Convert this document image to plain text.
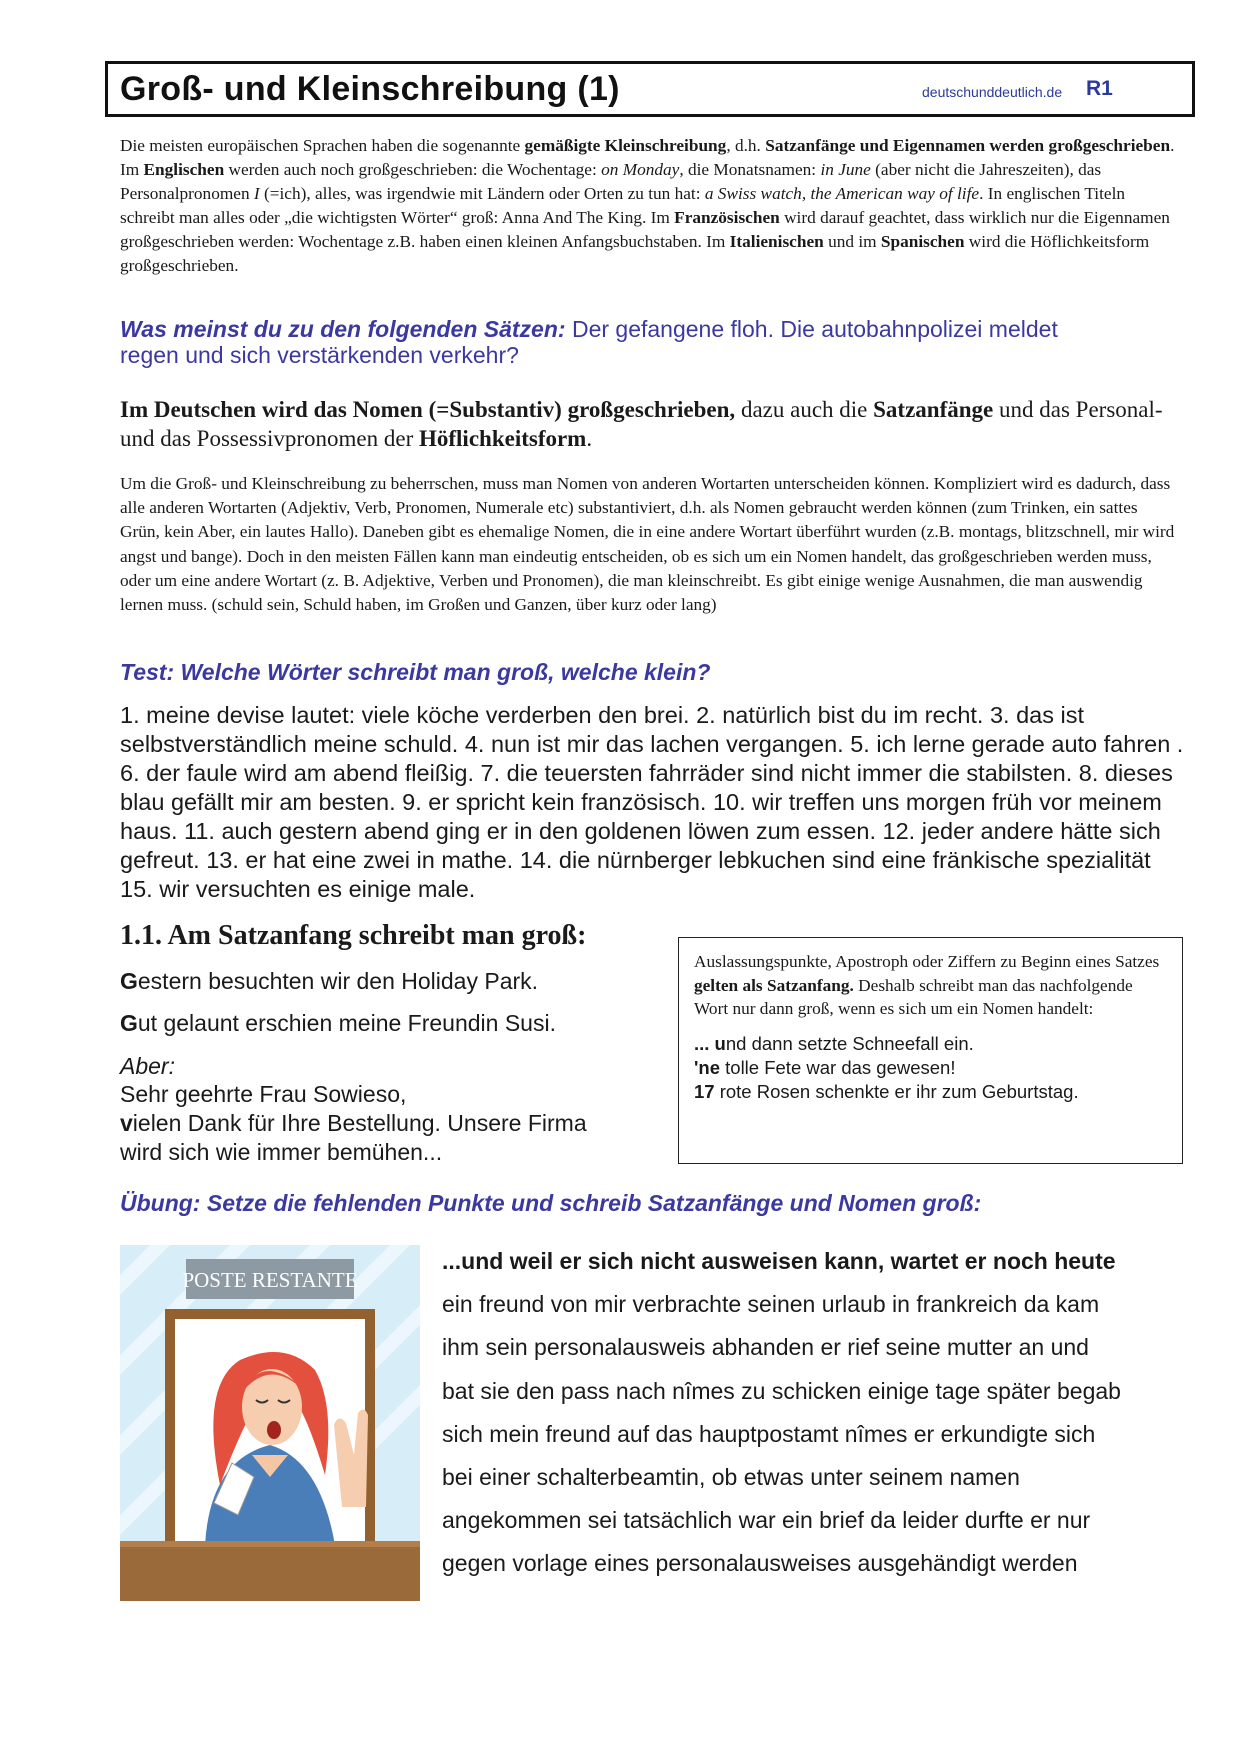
Groß- und Kleinschreibung (1)	deutschunddeutlich.de R1

Die meisten europäischen Sprachen haben die sogenannte gemäßigte Kleinschreibung, d.h. Satzanfänge und Eigennamen werden großgeschrieben. Im Englischen werden auch noch großgeschrieben: die Wochentage: on Monday, die Monatsnamen: in June (aber nicht die Jahreszeiten), das Personalpronomen I (=ich), alles, was irgendwie mit Ländern oder Orten zu tun hat: a Swiss watch, the American way of life. In englischen Titeln schreibt man alles oder „die wichtigsten Wörter“ groß: Anna And The King. Im Französischen wird darauf geachtet, dass wirklich nur die Eigennamen großgeschrieben werden: Wochentage z.B. haben einen kleinen Anfangsbuchstaben. Im Italienischen und im Spanischen wird die Höflichkeitsform großgeschrieben.

Was meinst du zu den folgenden Sätzen: Der gefangene floh. Die autobahnpolizei meldet
regen und sich verstärkenden verkehr?

Im Deutschen wird das Nomen (=Substantiv) großgeschrieben, dazu auch die Satzanfänge und das Personal- und das Possessivpronomen der Höflichkeitsform.

Um die Groß- und Kleinschreibung zu beherrschen, muss man Nomen von anderen Wortarten unterscheiden können. Kompliziert wird es dadurch, dass alle anderen Wortarten (Adjektiv, Verb, Pronomen, Numerale etc) substantiviert, d.h. als Nomen gebraucht werden können (zum Trinken, ein sattes Grün, kein Aber, ein lautes Hallo). Daneben gibt es ehemalige Nomen, die in eine andere Wortart überführt wurden (z.B. montags, blitzschnell, mir wird angst und bange). Doch in den meisten Fällen kann man eindeutig entscheiden, ob es sich um ein Nomen handelt, das großgeschrieben werden muss, oder um eine andere Wortart (z. B. Adjektive, Verben und Pronomen), die man kleinschreibt. Es gibt einige wenige Ausnahmen, die man auswendig lernen muss. (schuld sein, Schuld haben, im Großen und Ganzen, über kurz oder lang)

Test: Welche Wörter schreibt man groß, welche klein?

1. meine devise lautet: viele köche verderben den brei. 2. natürlich bist du im recht. 3. das ist selbstverständlich meine schuld. 4. nun ist mir das lachen vergangen. 5. ich lerne gerade auto fahren . 6. der faule wird am abend fleißig. 7. die teuersten fahrräder sind nicht immer die stabilsten. 8. dieses blau gefällt mir am besten. 9. er spricht kein französisch. 10. wir treffen uns morgen früh vor meinem haus. 11. auch gestern abend ging er in den goldenen löwen zum essen. 12. jeder andere hätte sich gefreut. 13. er hat eine zwei in mathe. 14. die nürnberger lebkuchen sind eine fränkische spezialität 15. wir versuchten es einige male.

1.1. Am Satzanfang schreibt man groß:
Gestern besuchten wir den Holiday Park.
Gut gelaunt erschien meine Freundin Susi.
Aber:
Sehr geehrte Frau Sowieso,
vielen Dank für Ihre Bestellung. Unsere Firma
wird sich wie immer bemühen...

Auslassungspunkte, Apostroph oder Ziffern zu Beginn eines Satzes gelten als Satzanfang. Deshalb schreibt man das nachfolgende Wort nur dann groß, wenn es sich um ein Nomen handelt:

... und dann setzte Schneefall ein.
'ne tolle Fete war das gewesen!
17 rote Rosen schenkte er ihr zum Geburtstag.
Übung: Setze die fehlenden Punkte und schreib Satzanfänge und Nomen groß:
POSTE RESTANTE
...und weil er sich nicht ausweisen kann, wartet er noch heute
ein freund von mir verbrachte seinen urlaub in frankreich da kam
ihm sein personalausweis abhanden er rief seine mutter an und
bat sie den pass nach nîmes zu schicken einige tage später begab
sich mein freund auf das hauptpostamt nîmes er erkundigte sich
bei einer schalterbeamtin, ob etwas unter seinem namen
angekommen sei tatsächlich war ein brief da leider durfte er nur
gegen vorlage eines personalausweises ausgehändigt werden
